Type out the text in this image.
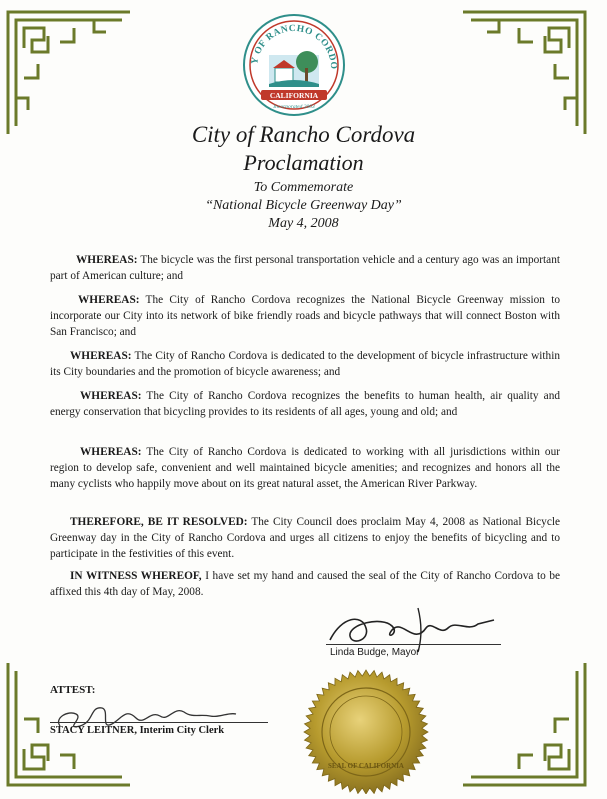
Y OF RANCHO CORDO
CALIFORNIA
Incorporated 2003
City of Rancho Cordova
Proclamation
To Commemorate
“National Bicycle Greenway Day”
May 4, 2008
WHEREAS: The bicycle was the first personal transportation vehicle and a century ago was an important part of American culture; and
WHEREAS: The City of Rancho Cordova recognizes the National Bicycle Greenway mission to incorporate our City into its network of bike friendly roads and bicycle pathways that will connect Boston with San Francisco; and
WHEREAS: The City of Rancho Cordova is dedicated to the development of bicycle infrastructure within its City boundaries and the promotion of bicycle awareness; and
WHEREAS: The City of Rancho Cordova recognizes the benefits to human health, air quality and energy conservation that bicycling provides to its residents of all ages, young and old; and
WHEREAS: The City of Rancho Cordova is dedicated to working with all jurisdictions within our region to develop safe, convenient and well maintained bicycle amenities; and recognizes and honors all the many cyclists who happily move about on its great natural asset, the American River Parkway.
THEREFORE, BE IT RESOLVED: The City Council does proclaim May 4, 2008 as National Bicycle Greenway day in the City of Rancho Cordova and urges all citizens to enjoy the benefits of bicycling and to participate in the festivities of this event.
IN WITNESS WHEREOF, I have set my hand and caused the seal of the City of Rancho Cordova to be affixed this 4th day of May, 2008.
Linda Budge, Mayor
ATTEST:
STACY LEITNER, Interim City Clerk
SEAL OF CALIFORNIA
